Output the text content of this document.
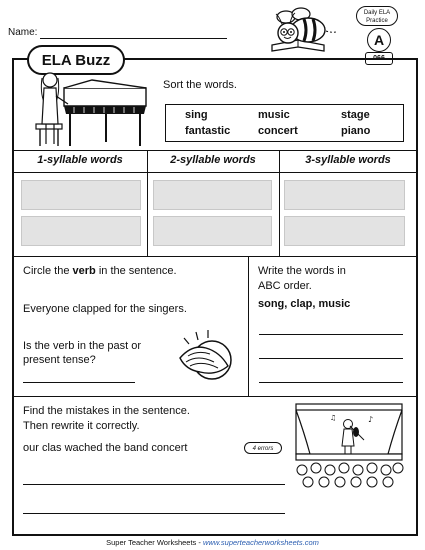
Name:
Daily ELA
Practice
A
066
ELA Buzz
Sort the words.
sing	music	stage
fantastic	concert	piano
1-syllable words	2-syllable words	3-syllable words
Circle the verb in the sentence.
Everyone clapped for the singers.
Is the verb in the past or
present tense?
Write the words in
ABC order.
song, clap, music
Find the mistakes in the sentence.
Then rewrite it correctly.
our clas wached the band concert	4 errors
♪
♫
Super Teacher Worksheets - www.superteacherworksheets.com
